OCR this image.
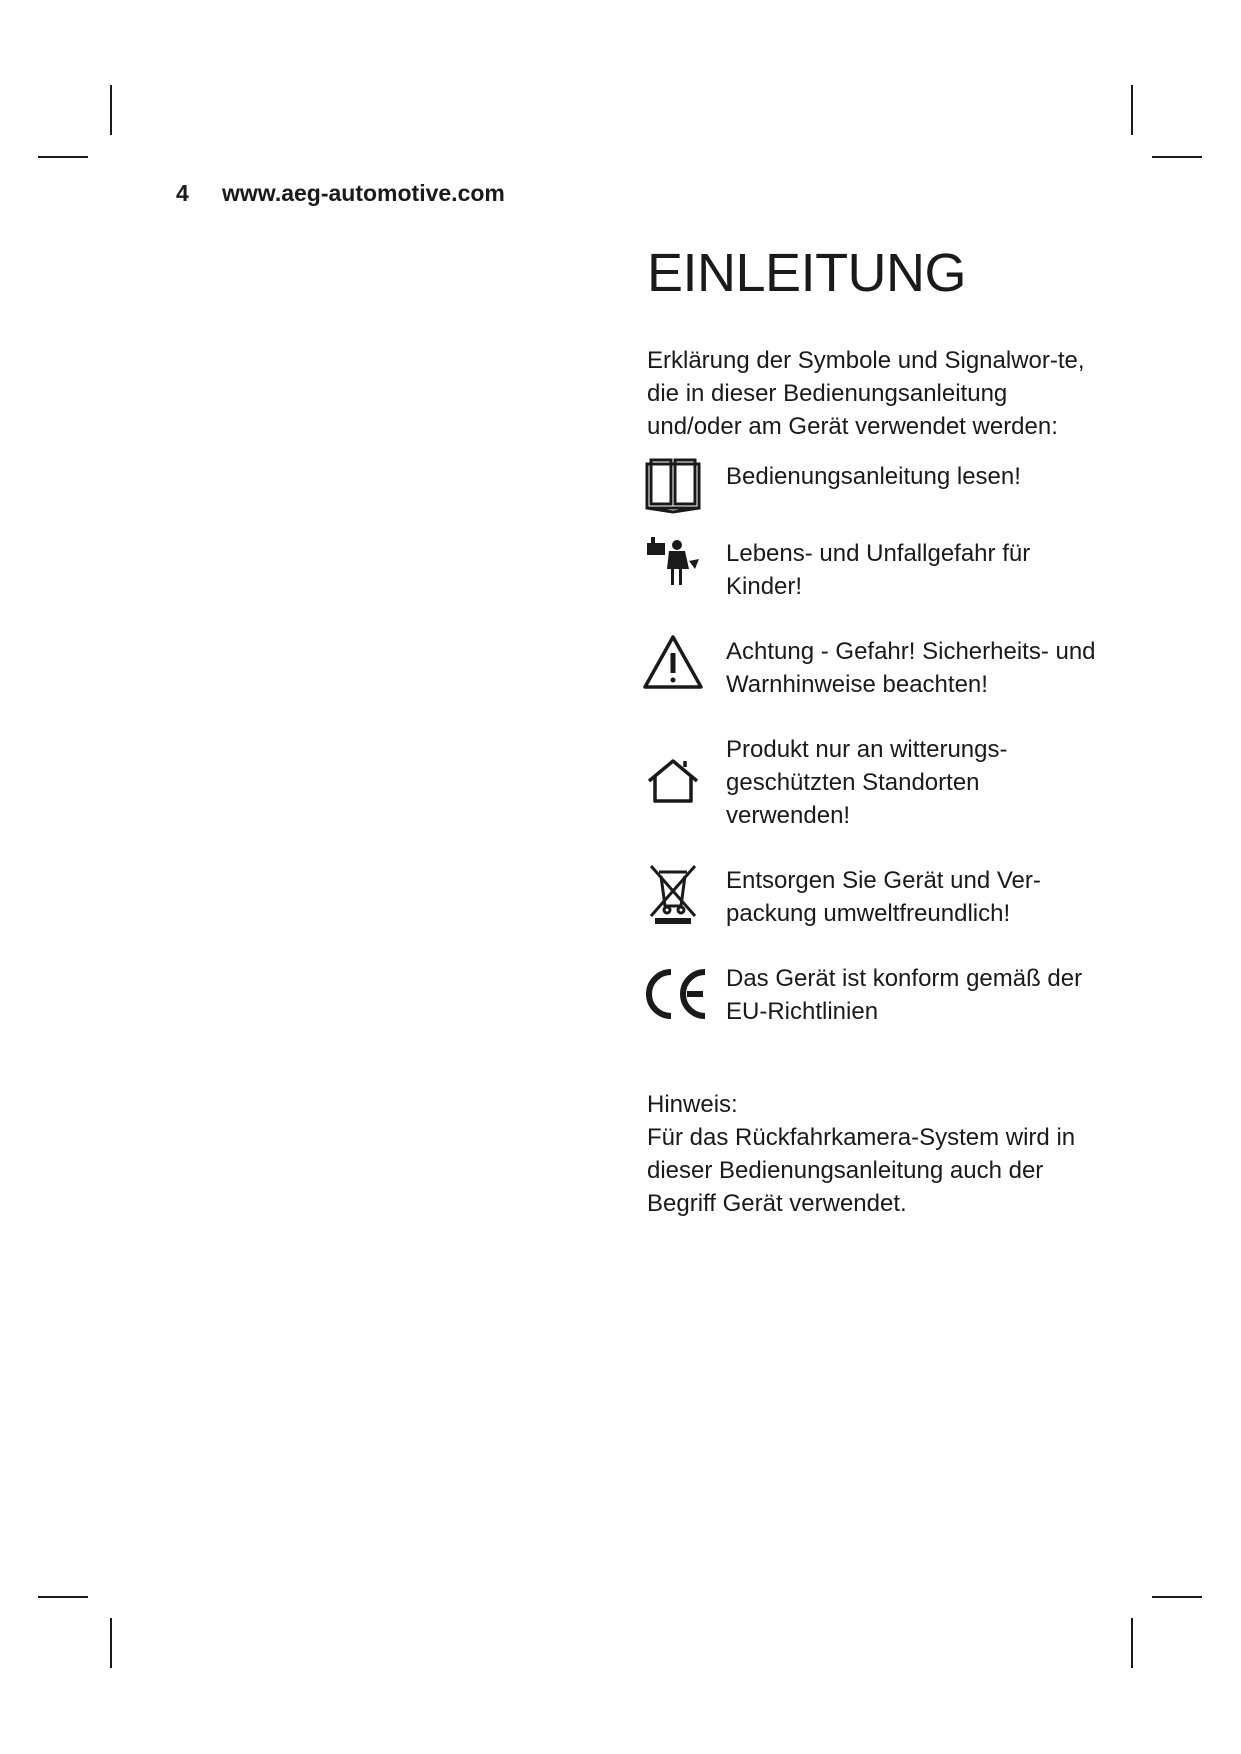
4 www.aeg-automotive.com
EINLEITUNG
Erklärung der Symbole und Signalwor-te, die in dieser Bedienungsanleitung und/oder am Gerät verwendet werden:
Bedienungsanleitung lesen!
Lebens- und Unfallgefahr für Kinder!
Achtung - Gefahr! Sicherheits- und Warnhinweise beachten!
Produkt nur an witterungs-geschützten Standorten verwenden!
Entsorgen Sie Gerät und Ver-packung umweltfreundlich!
Das Gerät ist konform gemäß der EU-Richtlinien

Hinweis:

Für das Rückfahrkamera-System wird in dieser Bedienungsanleitung auch der Begriff Gerät verwendet.
